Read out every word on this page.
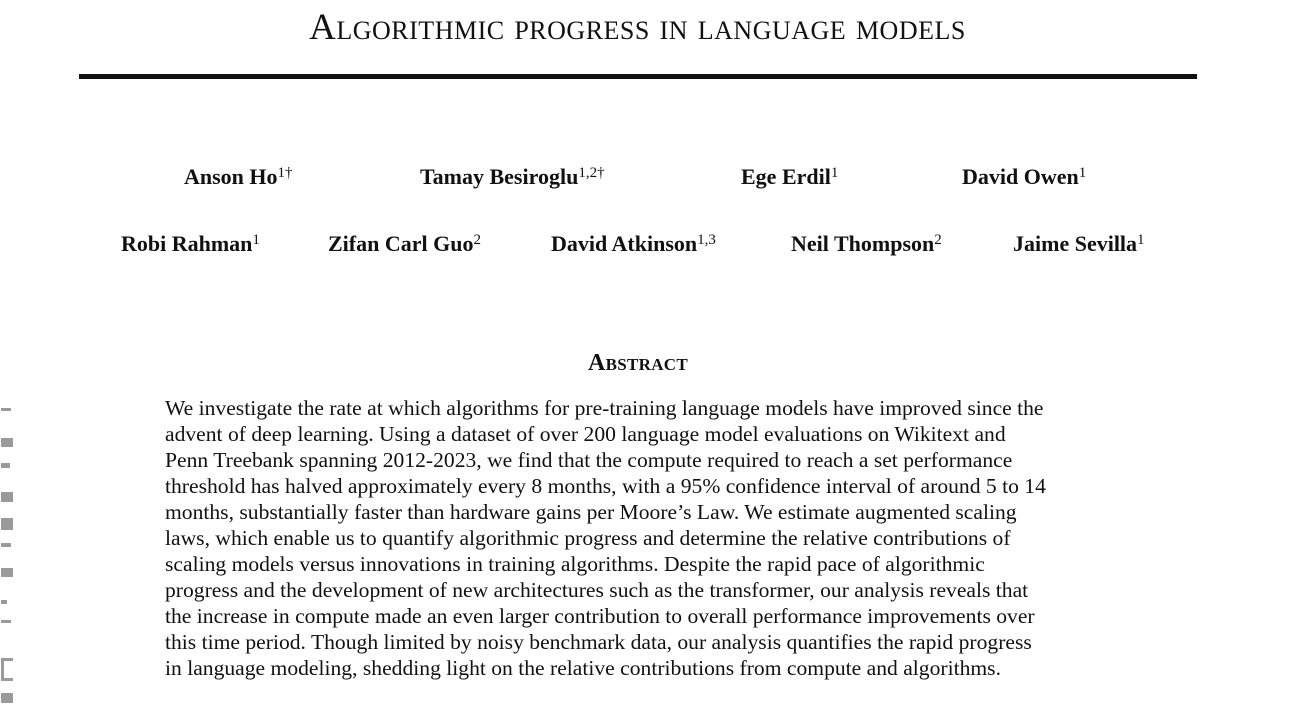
Algorithmic progress in language models
Anson $Ho^{1\dagger}$	Tamay Besiroglu$^{1,2\dagger}$	Ege Erdil$^1$	David Owen$^1$
Robi Rahman$^1$	Zifan Carl Guo$^2$	David Atkinson$^{1,3}$	Neil Thompson$^2$	Jaime Sevilla$^1$
Abstract
We investigate the rate at which algorithms for pre-training language models have improved since the
advent of deep learning. Using a dataset of over 200 language model evaluations on Wikitext and
Penn Treebank spanning 2012-2023, we find that the compute required to reach a set performance
threshold has halved approximately every 8 months, with a 95% confidence interval of around 5 to 14
months, substantially faster than hardware gains per Moore’s Law. We estimate augmented scaling
laws, which enable us to quantify algorithmic progress and determine the relative contributions of
scaling models versus innovations in training algorithms. Despite the rapid pace of algorithmic
progress and the development of new architectures such as the transformer, our analysis reveals that
the increase in compute made an even larger contribution to overall performance improvements over
this time period. Though limited by noisy benchmark data, our analysis quantifies the rapid progress
in language modeling, shedding light on the relative contributions from compute and algorithms.
